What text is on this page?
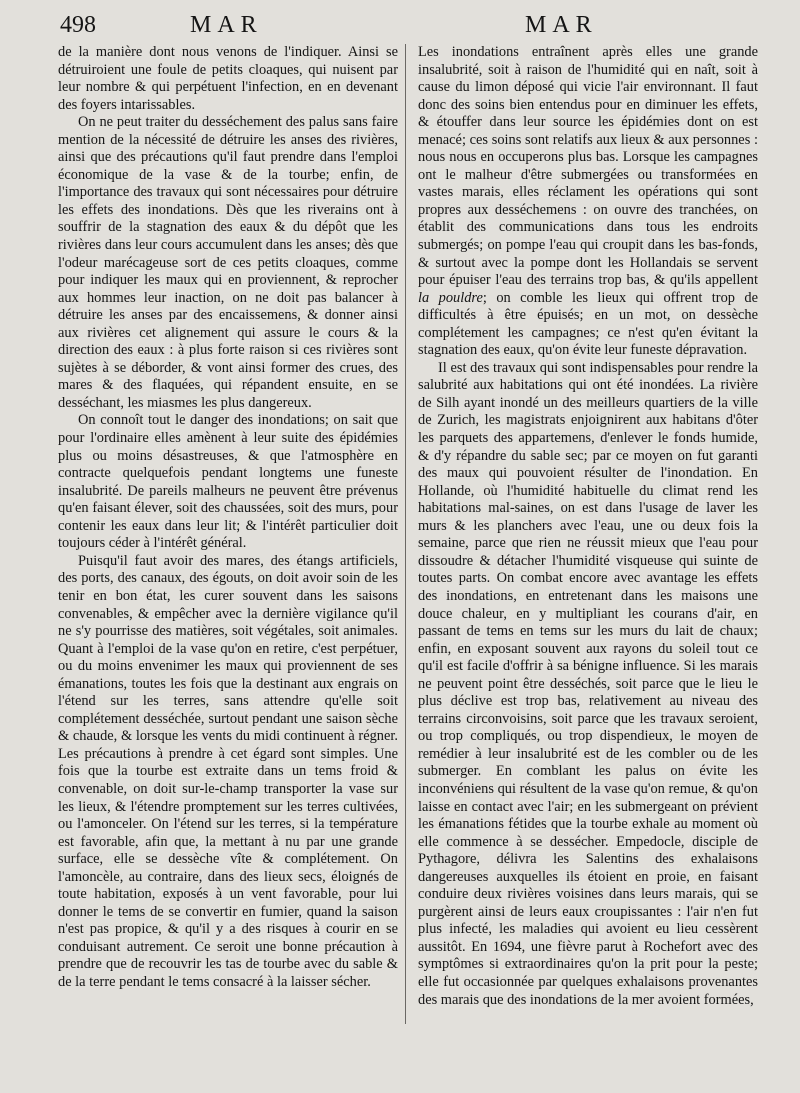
498	MAR	MAR

de la manière dont nous venons de l'indiquer. Ainsi se détruiroient une foule de petits cloaques, qui nuisent par leur nombre & qui perpétuent l'infection, en en devenant des foyers intarissables.

On ne peut traiter du desséchement des palus sans faire mention de la nécessité de détruire les anses des rivières, ainsi que des précautions qu'il faut prendre dans l'emploi économique de la vase & de la tourbe; enfin, de l'importance des travaux qui sont nécessaires pour détruire les effets des inondations. Dès que les riverains ont à souffrir de la stagnation des eaux & du dépôt que les rivières dans leur cours accumulent dans les anses; dès que l'odeur marécageuse sort de ces petits cloaques, comme pour indiquer les maux qui en proviennent, & reprocher aux hommes leur inaction, on ne doit pas balancer à détruire les anses par des encaissemens, & donner ainsi aux rivières cet alignement qui assure le cours & la direction des eaux : à plus forte raison si ces rivières sont sujètes à se déborder, & vont ainsi former des crues, des mares & des flaquées, qui répandent ensuite, en se desséchant, les miasmes les plus dangereux.

On connoît tout le danger des inondations; on sait que pour l'ordinaire elles amènent à leur suite des épidémies plus ou moins désastreuses, & que l'atmosphère en contracte quelquefois pendant longtems une funeste insalubrité. De pareils malheurs ne peuvent être prévenus qu'en faisant élever, soit des chaussées, soit des murs, pour contenir les eaux dans leur lit; & l'intérêt particulier doit toujours céder à l'intérêt général.

Puisqu'il faut avoir des mares, des étangs artificiels, des ports, des canaux, des égouts, on doit avoir soin de les tenir en bon état, les curer souvent dans les saisons convenables, & empêcher avec la dernière vigilance qu'il ne s'y pourrisse des matières, soit végétales, soit animales. Quant à l'emploi de la vase qu'on en retire, c'est perpétuer, ou du moins envenimer les maux qui proviennent de ses émanations, toutes les fois que la destinant aux engrais on l'étend sur les terres, sans attendre qu'elle soit complétement desséchée, surtout pendant une saison sèche & chaude, & lorsque les vents du midi continuent à régner. Les précautions à prendre à cet égard sont simples. Une fois que la tourbe est extraite dans un tems froid & convenable, on doit sur-le-champ transporter la vase sur les lieux, & l'étendre promptement sur les terres cultivées, ou l'amonceler. On l'étend sur les terres, si la température est favorable, afin que, la mettant à nu par une grande surface, elle se dessèche vîte & complétement. On l'amoncèle, au contraire, dans des lieux secs, éloignés de toute habitation, exposés à un vent favorable, pour lui donner le tems de se convertir en fumier, quand la saison n'est pas propice, & qu'il y a des risques à courir en se conduisant autrement. Ce seroit une bonne précaution à prendre que de recouvrir les tas de tourbe avec du sable & de la terre pendant le tems consacré à la laisser sécher.

Les inondations entraînent après elles une grande insalubrité, soit à raison de l'humidité qui en naît, soit à cause du limon déposé qui vicie l'air environnant. Il faut donc des soins bien entendus pour en diminuer les effets, & étouffer dans leur source les épidémies dont on est menacé; ces soins sont relatifs aux lieux & aux personnes : nous nous en occuperons plus bas. Lorsque les campagnes ont le malheur d'être submergées ou transformées en vastes marais, elles réclament les opérations qui sont propres aux desséchemens : on ouvre des tranchées, on établit des communications dans tous les endroits submergés; on pompe l'eau qui croupit dans les bas-fonds, & surtout avec la pompe dont les Hollandais se servent pour épuiser l'eau des terrains trop bas, & qu'ils appellent la pouldre; on comble les lieux qui offrent trop de difficultés à être épuisés; en un mot, on dessèche complétement les campagnes; ce n'est qu'en évitant la stagnation des eaux, qu'on évite leur funeste dépravation.

Il est des travaux qui sont indispensables pour rendre la salubrité aux habitations qui ont été inondées. La rivière de Silh ayant inondé un des meilleurs quartiers de la ville de Zurich, les magistrats enjoignirent aux habitans d'ôter les parquets des appartemens, d'enlever le fonds humide, & d'y répandre du sable sec; par ce moyen on fut garanti des maux qui pouvoient résulter de l'inondation. En Hollande, où l'humidité habituelle du climat rend les habitations mal-saines, on est dans l'usage de laver les murs & les planchers avec l'eau, une ou deux fois la semaine, parce que rien ne réussit mieux que l'eau pour dissoudre & détacher l'humidité visqueuse qui suinte de toutes parts. On combat encore avec avantage les effets des inondations, en entretenant dans les maisons une douce chaleur, en y multipliant les courans d'air, en passant de tems en tems sur les murs du lait de chaux; enfin, en exposant souvent aux rayons du soleil tout ce qu'il est facile d'offrir à sa bénigne influence. Si les marais ne peuvent point être desséchés, soit parce que le lieu le plus déclive est trop bas, relativement au niveau des terrains circonvoisins, soit parce que les travaux seroient, ou trop compliqués, ou trop dispendieux, le moyen de remédier à leur insalubrité est de les combler ou de les submerger. En comblant les palus on évite les inconvéniens qui résultent de la vase qu'on remue, & qu'on laisse en contact avec l'air; en les submergeant on prévient les émanations fétides que la tourbe exhale au moment où elle commence à se dessécher. Empedocle, disciple de Pythagore, délivra les Salentins des exhalaisons dangereuses auxquelles ils étoient en proie, en faisant conduire deux rivières voisines dans leurs marais, qui se purgèrent ainsi de leurs eaux croupissantes : l'air n'en fut plus infecté, les maladies qui avoient eu lieu cessèrent aussitôt. En 1694, une fièvre parut à Rochefort avec des symptômes si extraordinaires qu'on la prit pour la peste; elle fut occasionnée par quelques exhalaisons provenantes des marais que des inondations de la mer avoient formées,
